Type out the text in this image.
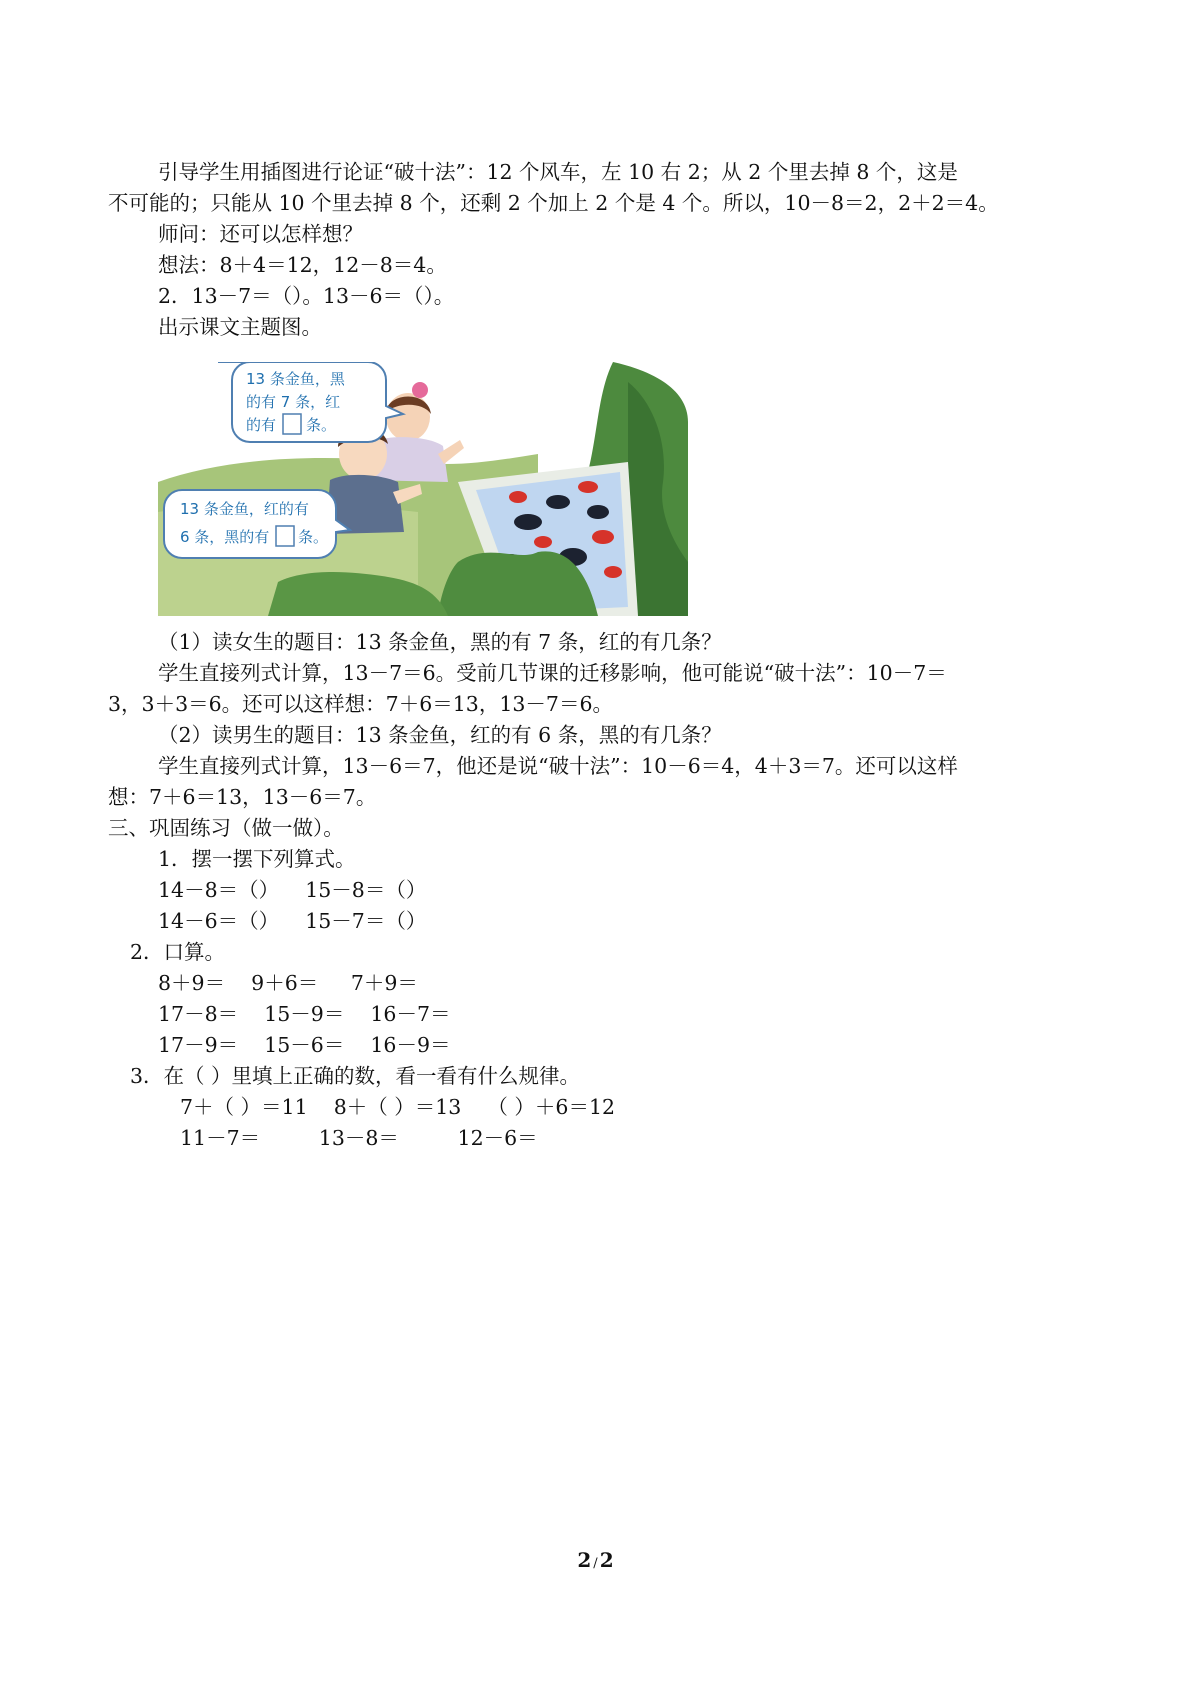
引导学生用插图进行论证“破十法”：12 个风车，左 10 右 2；从 2 个里去掉 8 个，这是
不可能的；只能从 10 个里去掉 8 个，还剩 2 个加上 2 个是 4 个。所以，10－8＝2，2＋2＝4。
师问：还可以怎样想？
想法：8＋4＝12，12－8＝4。
2．13－7＝（）。13－6＝（）。
出示课文主题图。
13 条金鱼，黑
的有 7 条，红
的有 条。
13 条金鱼，红的有
6 条，黑的有 条。
（1）读女生的题目：13 条金鱼，黑的有 7 条，红的有几条？
学生直接列式计算，13－7＝6。受前几节课的迁移影响，他可能说“破十法”：10－7＝
3，3＋3＝6。还可以这样想：7＋6＝13，13－7＝6。
（2）读男生的题目：13 条金鱼，红的有 6 条，黑的有几条？
学生直接列式计算，13－6＝7，他还是说“破十法”：10－6＝4，4＋3＝7。还可以这样
想：7＋6＝13，13－6＝7。
三、巩固练习（做一做）。
1．摆一摆下列算式。
14－8＝（）    15－8＝（）
14－6＝（）    15－7＝（）
2．口算。
8＋9＝    9＋6＝     7＋9＝
17－8＝    15－9＝    16－7＝
17－9＝    15－6＝    16－9＝
3．在（ ）里填上正确的数，看一看有什么规律。
7＋（ ）＝11    8＋（ ）＝13    （ ）＋6＝12
11－7＝         13－8＝         12－6＝
2 / 2
